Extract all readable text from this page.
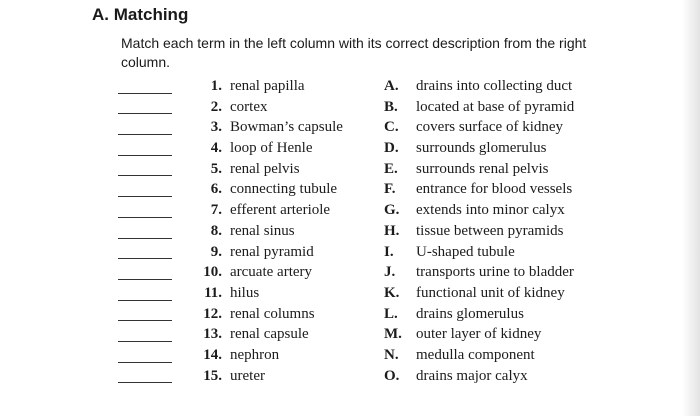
A. Matching
Match each term in the left column with its correct description from the right column.
1. renal papilla	A. drains into collecting duct
2. cortex	B. located at base of pyramid
3. Bowman’s capsule	C. covers surface of kidney
4. loop of Henle	D. surrounds glomerulus
5. renal pelvis	E. surrounds renal pelvis
6. connecting tubule	F. entrance for blood vessels
7. efferent arteriole	G. extends into minor calyx
8. renal sinus	H. tissue between pyramids
9. renal pyramid	I. U-shaped tubule
10. arcuate artery	J. transports urine to bladder
11. hilus	K. functional unit of kidney
12. renal columns	L. drains glomerulus
13. renal capsule	M. outer layer of kidney
14. nephron	N. medulla component
15. ureter	O. drains major calyx
